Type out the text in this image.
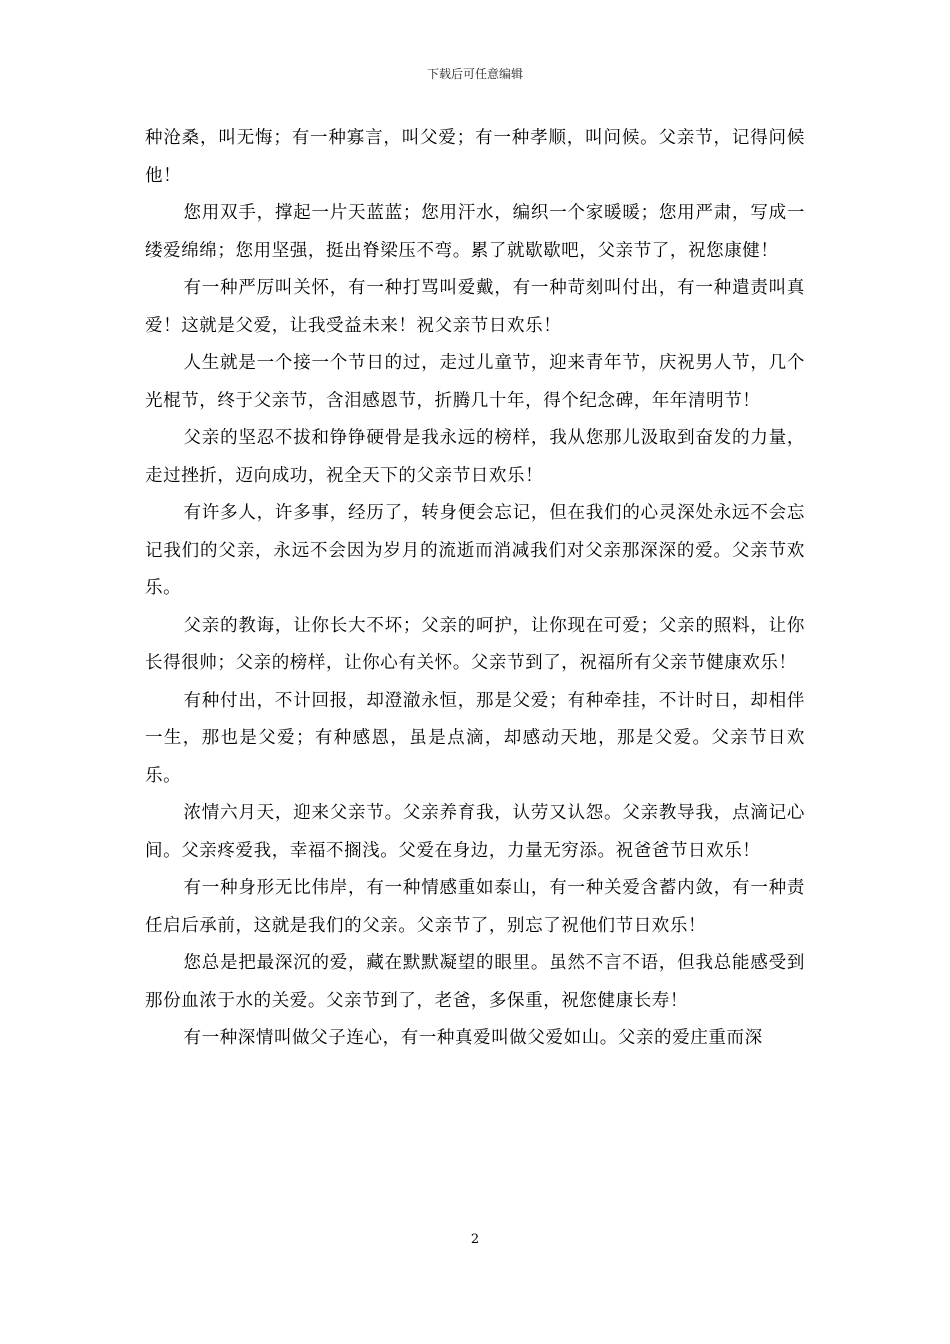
下载后可任意编辑

种沧桑，叫无悔；有一种寡言，叫父爱；有一种孝顺，叫问候。父亲节，记得问候他！

您用双手，撑起一片天蓝蓝；您用汗水，编织一个家暖暖；您用严肃，写成一缕爱绵绵；您用坚强，挺出脊梁压不弯。累了就歇歇吧，父亲节了，祝您康健！

有一种严厉叫关怀，有一种打骂叫爱戴，有一种苛刻叫付出，有一种遣责叫真爱！这就是父爱，让我受益未来！祝父亲节日欢乐！

人生就是一个接一个节日的过，走过儿童节，迎来青年节，庆祝男人节，几个光棍节，终于父亲节，含泪感恩节，折腾几十年，得个纪念碑，年年清明节！

父亲的坚忍不拔和铮铮硬骨是我永远的榜样，我从您那儿汲取到奋发的力量，走过挫折，迈向成功，祝全天下的父亲节日欢乐！

有许多人，许多事，经历了，转身便会忘记，但在我们的心灵深处永远不会忘记我们的父亲，永远不会因为岁月的流逝而消减我们对父亲那深深的爱。父亲节欢乐。

父亲的教诲，让你长大不坏；父亲的呵护，让你现在可爱；父亲的照料，让你长得很帅；父亲的榜样，让你心有关怀。父亲节到了，祝福所有父亲节健康欢乐！

有种付出，不计回报，却澄澈永恒，那是父爱；有种牵挂，不计时日，却相伴一生，那也是父爱；有种感恩，虽是点滴，却感动天地，那是父爱。父亲节日欢乐。

浓情六月天，迎来父亲节。父亲养育我，认劳又认怨。父亲教导我，点滴记心间。父亲疼爱我，幸福不搁浅。父爱在身边，力量无穷添。祝爸爸节日欢乐！

有一种身形无比伟岸，有一种情感重如泰山，有一种关爱含蓄内敛，有一种责任启后承前，这就是我们的父亲。父亲节了，别忘了祝他们节日欢乐！

您总是把最深沉的爱，藏在默默凝望的眼里。虽然不言不语，但我总能感受到那份血浓于水的关爱。父亲节到了，老爸，多保重，祝您健康长寿！

有一种深情叫做父子连心，有一种真爱叫做父爱如山。父亲的爱庄重而深

2
